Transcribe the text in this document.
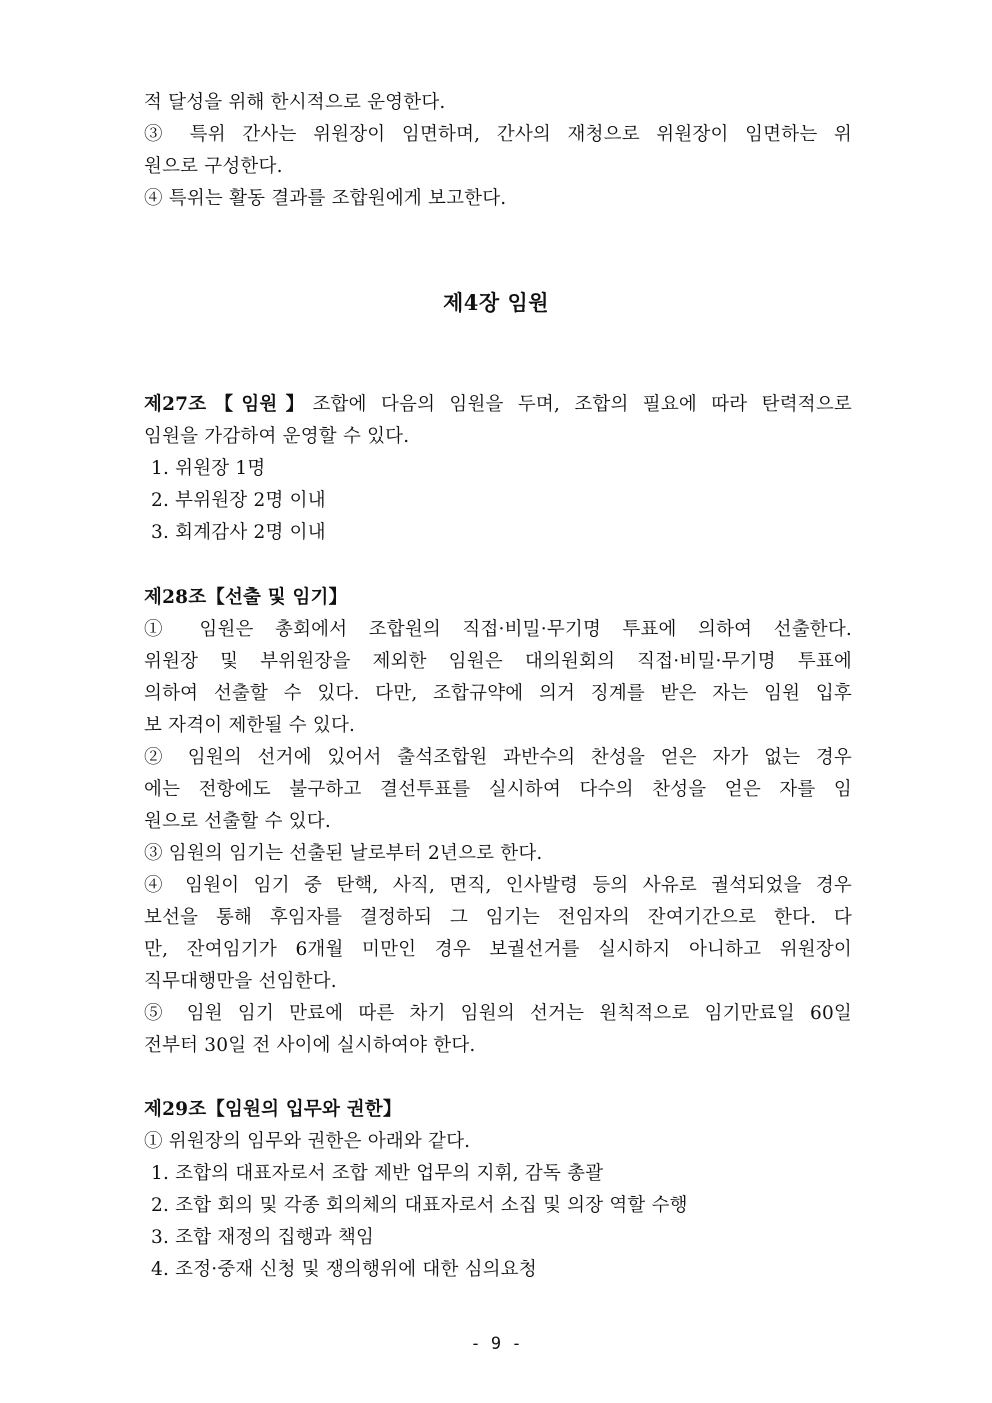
적 달성을 위해 한시적으로 운영한다.
③ 특위 간사는 위원장이 임면하며, 간사의 재청으로 위원장이 임면하는 위
원으로 구성한다.
④ 특위는 활동 결과를 조합원에게 보고한다.
제4장 임원
제27조【임원】조합에 다음의 임원을 두며, 조합의 필요에 따라 탄력적으로
임원을 가감하여 운영할 수 있다.
1. 위원장 1명
2. 부위원장 2명 이내
3. 회계감사 2명 이내
제28조【선출 및 임기】
① 임원은 총회에서 조합원의 직접·비밀·무기명 투표에 의하여 선출한다.
위원장 및 부위원장을 제외한 임원은 대의원회의 직접·비밀·무기명 투표에
의하여 선출할 수 있다. 다만, 조합규약에 의거 징계를 받은 자는 임원 입후
보 자격이 제한될 수 있다.
② 임원의 선거에 있어서 출석조합원 과반수의 찬성을 얻은 자가 없는 경우
에는 전항에도 불구하고 결선투표를 실시하여 다수의 찬성을 얻은 자를 임
원으로 선출할 수 있다.
③ 임원의 임기는 선출된 날로부터 2년으로 한다.
④ 임원이 임기 중 탄핵, 사직, 면직, 인사발령 등의 사유로 궐석되었을 경우
보선을 통해 후임자를 결정하되 그 임기는 전임자의 잔여기간으로 한다. 다
만, 잔여임기가 6개월 미만인 경우 보궐선거를 실시하지 아니하고 위원장이
직무대행만을 선임한다.
⑤ 임원 임기 만료에 따른 차기 임원의 선거는 원칙적으로 임기만료일 60일
전부터 30일 전 사이에 실시하여야 한다.
제29조【임원의 입무와 권한】
① 위원장의 임무와 권한은 아래와 같다.
1. 조합의 대표자로서 조합 제반 업무의 지휘, 감독 총괄
2. 조합 회의 및 각종 회의체의 대표자로서 소집 및 의장 역할 수행
3. 조합 재정의 집행과 책임
4. 조정·중재 신청 및 쟁의행위에 대한 심의요청
- 9 -
